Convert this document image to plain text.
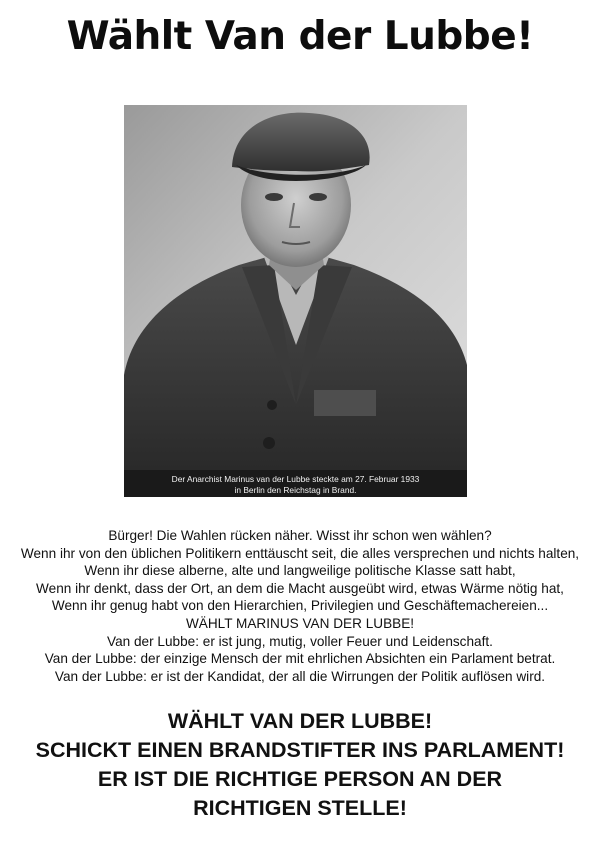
Wählt Van der Lubbe!
Der Anarchist Marinus van der Lubbe steckte am 27. Februar 1933
in Berlin den Reichstag in Brand.
Bürger! Die Wahlen rücken näher. Wisst ihr schon wen wählen?
Wenn ihr von den üblichen Politikern enttäuscht seit, die alles versprechen und nichts halten,
Wenn ihr diese alberne, alte und langweilige politische Klasse satt habt,
Wenn ihr denkt, dass der Ort, an dem die Macht ausgeübt wird, etwas Wärme nötig hat,
Wenn ihr genug habt von den Hierarchien, Privilegien und Geschäftemachereien...
WÄHLT MARINUS VAN DER LUBBE!
Van der Lubbe: er ist jung, mutig, voller Feuer und Leidenschaft.
Van der Lubbe: der einzige Mensch der mit ehrlichen Absichten ein Parlament betrat.
Van der Lubbe: er ist der Kandidat, der all die Wirrungen der Politik auflösen wird.
WÄHLT VAN DER LUBBE!
SCHICKT EINEN BRANDSTIFTER INS PARLAMENT!
ER IST DIE RICHTIGE PERSON AN DER
RICHTIGEN STELLE!
